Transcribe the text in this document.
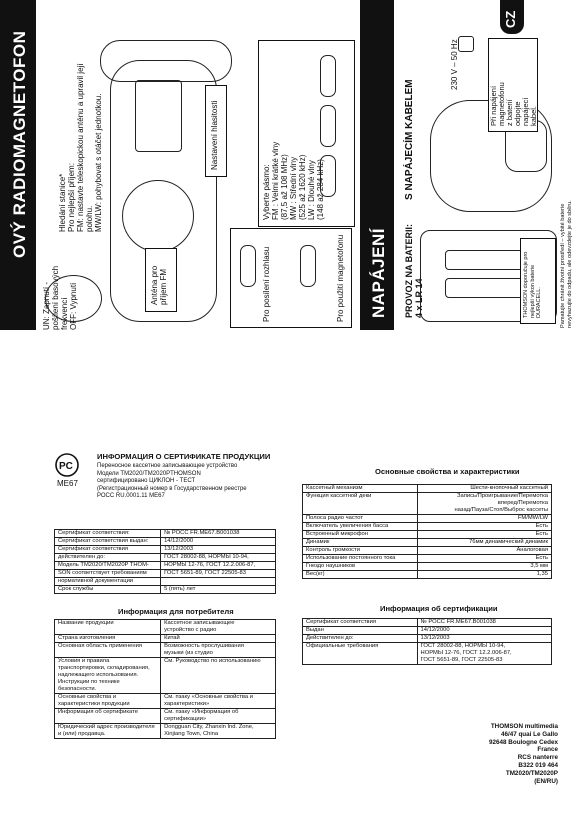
OVÝ RADIOMAGNETOFON
NAPÁJENÍ
CZ
UN: Zapnutí - pošílení basových frekvencí OFF: Vypnutí
Hledání stanice* Pro nejlepší příjem: FM: nastavte teleskopickou anténu a upravil její polohu. MW/LW: pohybovat s otáčet jednotkou.
Anténa pro příjem FM
Nastavení hlasitosti
Vyberte pásmo: FM : Velmi krátké vlny (87,5 až 108 MHz) MW : Střední vlny (525 až 1620 kHz) LW : Dlouhé vlny (148 až 284 kHz)
Pro posílení rozhlasu	Pro použití magnetofonu	PROVOZ NA BATERII: 4 x LR 14
S NAPÁJECÍM KABELEM
230 V – 50 Hz
Při napájení magnetofonu z baterií odpojte napájecí kabel.
THOMSON doporučuje pro nejlepší výkon baterie DURACELL.	Pamatujte chránit životní prostředí – vybité baterie nevyhazujte do odpadu, ale odevzdejte je do sběru.
PC
ME67
ИНФОРМАЦИЯ О СЕРТИФИКАТЕ ПРОДУКЦИИ
Переносное кассетное записывающее устройство
Модели TM2020/TM2020PTHOMSON
сертифицировано ЦИКЛОН - ТЕСТ
(Регистрационный номер в Государственном реестре
РОСС RU.0001.11 ME67
Сертификат соответствия:	№ РОСС FR.ME67.B001038
Сертификат соответствия выдан:	14/12/2000
Сертификат соответствия	13/12/2003
действителен до:	ГОСТ 28002-88, НОРМЫ 10-94,
Модель TM2020/TM2020P THOM-	НОРМЫ 12-76, ГОСТ 12.2.006-87,
SON соответствует требованиям	ГОСТ 5651-89, ГОСТ 22505-83
нормативной документации	
Срок службы	5 (пять) лет
Информация для потребителя
Название продукции	Кассетное записывающее
устройство с радио
Страна изготовления	Китай
Основная область применения	Возможность прослушивания
музыки (из студио
Условия и правила
транспортировки, складирования,
надлежащего использования.
Инструкции по технике
безопасности.	См. Руководство по использованию
Основные свойства и
характеристики продукции	См. пзаку «Основные свойства и
характеристики»
Информация об сертификате	См. пзаку «Информация об
сертификации»
Юридический адрес производителя
и (или) продавца.	Dongguan City, Zhanxin Ind. Zone,
Xinjiang Town, China
Основные свойства и характеристики
Кассетный механизм	Шести-кнопочный кассетный
Функция кассетной деки	Запись/Проигрывание/Перемотка
вперед/Перемотка
назад/Пауза/Стоп/Выброс кассеты
Полоса радио частот	FM/MW/LW
Включатель увеличения басса	Есть
Встроенный микрофон	Есть
Динамик	76мм динамический динамик
Контроль громкости	Аналоговая
Использование постоянного тока	Есть
Гнездо наушников	3,5 мм
Вес(кг)	1,35
Информация об сертификации
Сертификат соответствия	№ РОСС FR.ME67.B001038
Выдан	14/12/2000
Действителен до:	13/12/2003
Официальные требования	ГОСТ 28002-88, НОРМЫ 10-94,
НОРМЫ 12-76, ГОСТ 12.2.006-87,
ГОСТ 5651-89, ГОСТ 22505-83
THOMSON multimedia
46/47 quai Le Gallo
92648 Boulogne Cedex
France
RCS nanterre
B322 019 464
TM2020/TM2020P
(EN/RU)
